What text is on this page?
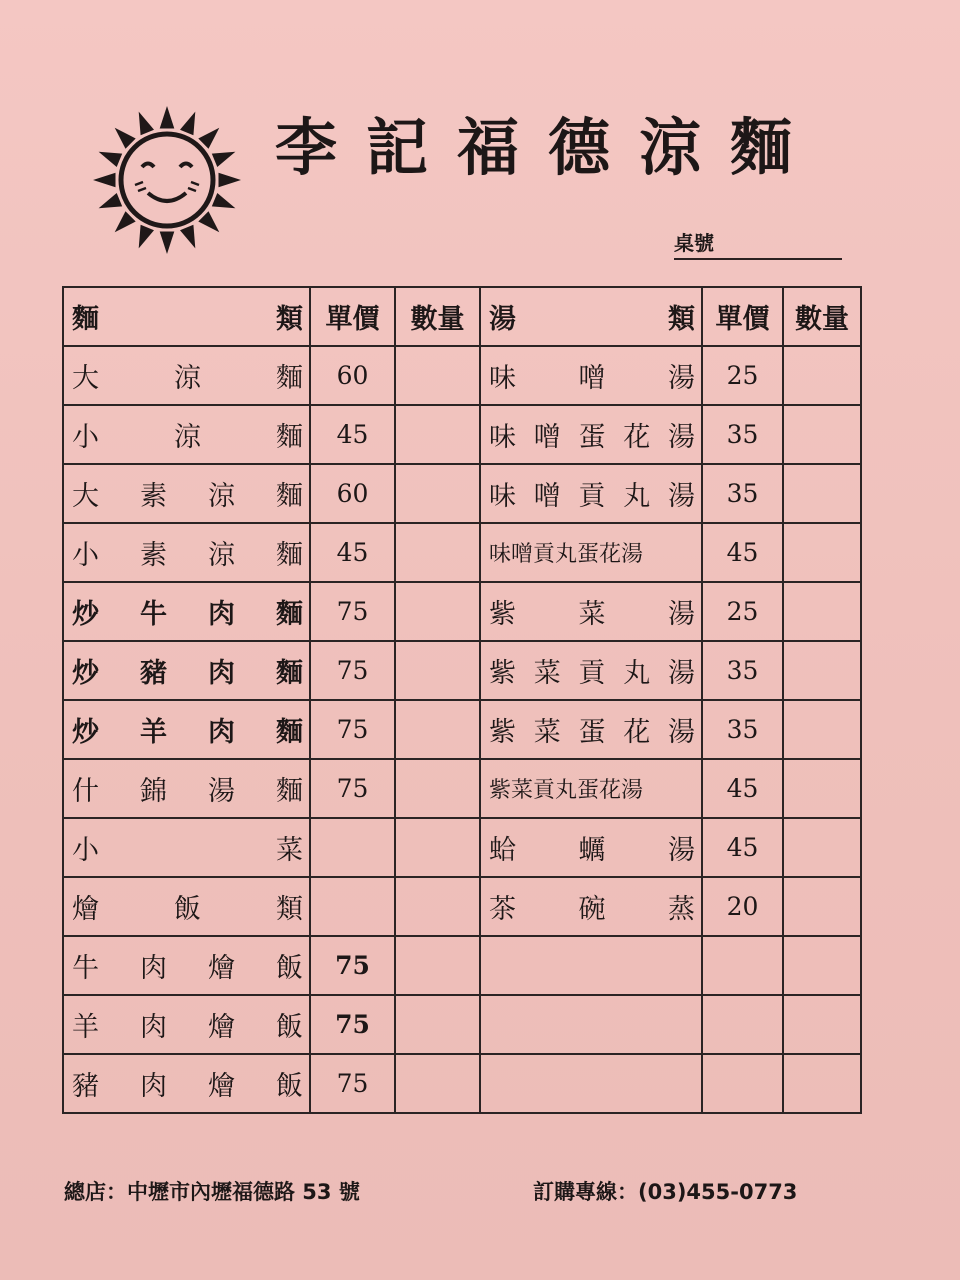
李記福德涼麵
桌號
麵 類	單價	數量	湯 類	單價	數量

大 涼 麵	60		味 噌 湯	25	

小 涼 麵	45		味 噌 蛋 花 湯	35	

大 素 涼 麵	60		味 噌 貢 丸 湯	35	

小 素 涼 麵	45		味噌貢丸蛋花湯	45	

炒 牛 肉 麵	75		紫 菜 湯	25	

炒 豬 肉 麵	75		紫 菜 貢 丸 湯	35	

炒 羊 肉 麵	75		紫 菜 蛋 花 湯	35	

什 錦 湯 麵	75		紫菜貢丸蛋花湯	45	

小 菜			蛤 蠣 湯	45	

燴 飯 類			茶 碗 蒸	20	

牛 肉 燴 飯	75		

羊 肉 燴 飯	75		

豬 肉 燴 飯	75		

總店：中壢市內壢福德路 53 號	訂購專線：(03)455-0773
